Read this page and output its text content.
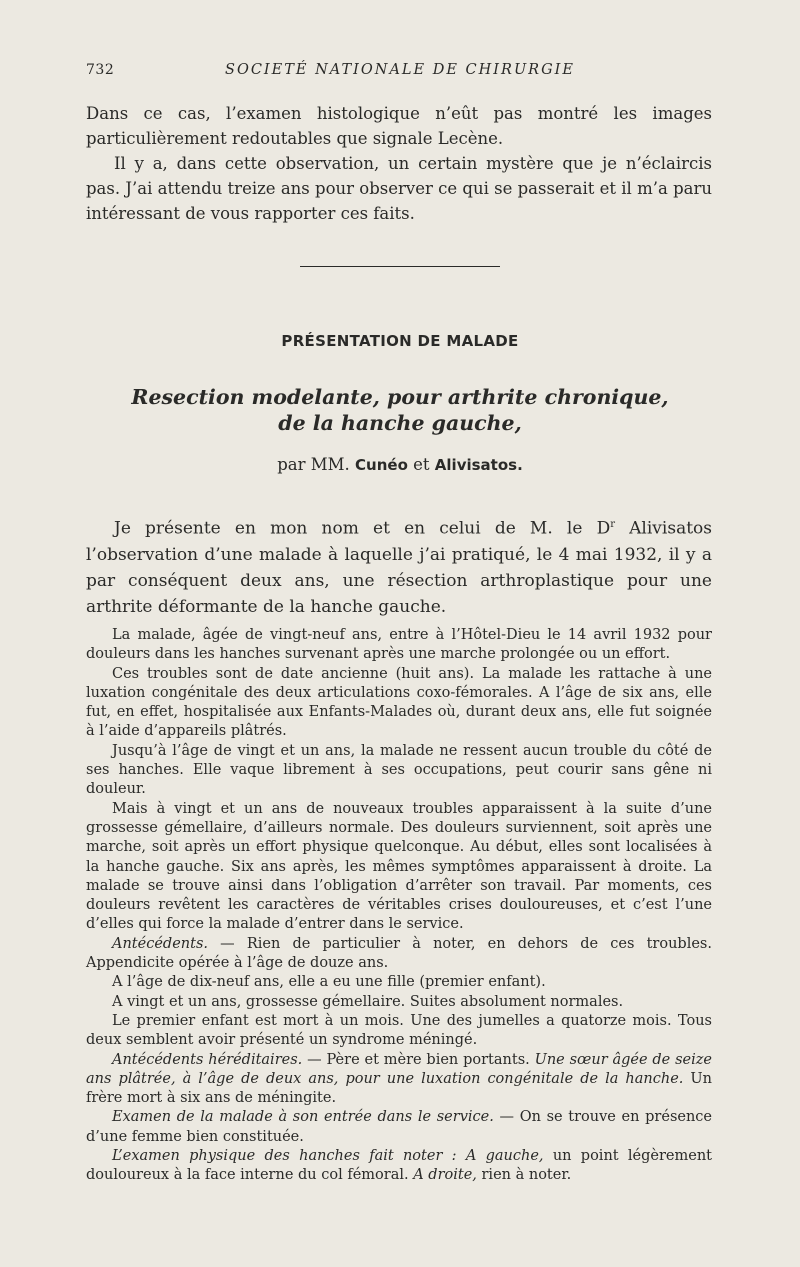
732	SOCIETÉ NATIONALE DE CHIRURGIE

Dans ce cas, l’examen histologique n’eût pas montré les images particulièrement redoutables que signale Lecène.

Il y a, dans cette observation, un certain mystère que je n’éclaircis pas. J’ai attendu treize ans pour observer ce qui se passerait et il m’a paru intéressant de vous rapporter ces faits.

PRÉSENTATION DE MALADE
Resection modelante, pour arthrite chronique,
de la hanche gauche,
par MM. Cunéo et Alivisatos.

Je présente en mon nom et en celui de M. le $D^r$ Alivisatos l’observation d’une malade à laquelle j’ai pratiqué, le 4 mai 1932, il y a par conséquent deux ans, une résection arthroplastique pour une arthrite déformante de la hanche gauche.

La malade, âgée de vingt-neuf ans, entre à l’Hôtel-Dieu le 14 avril 1932 pour douleurs dans les hanches survenant après une marche prolongée ou un effort.

Ces troubles sont de date ancienne (huit ans). La malade les rattache à une luxation congénitale des deux articulations coxo-fémorales. A l’âge de six ans, elle fut, en effet, hospitalisée aux Enfants-Malades où, durant deux ans, elle fut soignée à l’aide d’appareils plâtrés.

Jusqu’à l’âge de vingt et un ans, la malade ne ressent aucun trouble du côté de ses hanches. Elle vaque librement à ses occupations, peut courir sans gêne ni douleur.

Mais à vingt et un ans de nouveaux troubles apparaissent à la suite d’une grossesse gémellaire, d’ailleurs normale. Des douleurs surviennent, soit après une marche, soit après un effort physique quelconque. Au début, elles sont localisées à la hanche gauche. Six ans après, les mêmes symptômes apparaissent à droite. La malade se trouve ainsi dans l’obligation d’arrêter son travail. Par moments, ces douleurs revêtent les caractères de véritables crises douloureuses, et c’est l’une d’elles qui force la malade d’entrer dans le service.

Antécédents. — Rien de particulier à noter, en dehors de ces troubles. Appendicite opérée à l’âge de douze ans.

A l’âge de dix-neuf ans, elle a eu une fille (premier enfant).

A vingt et un ans, grossesse gémellaire. Suites absolument normales.

Le premier enfant est mort à un mois. Une des jumelles a quatorze mois. Tous deux semblent avoir présenté un syndrome méningé.

Antécédents héréditaires. — Père et mère bien portants. Une sœur âgée de seize ans plâtrée, à l’âge de deux ans, pour une luxation congénitale de la hanche. Un frère mort à six ans de méningite.

Examen de la malade à son entrée dans le service. — On se trouve en présence d’une femme bien constituée.

L’examen physique des hanches fait noter : A gauche, un point légèrement douloureux à la face interne du col fémoral. A droite, rien à noter.
